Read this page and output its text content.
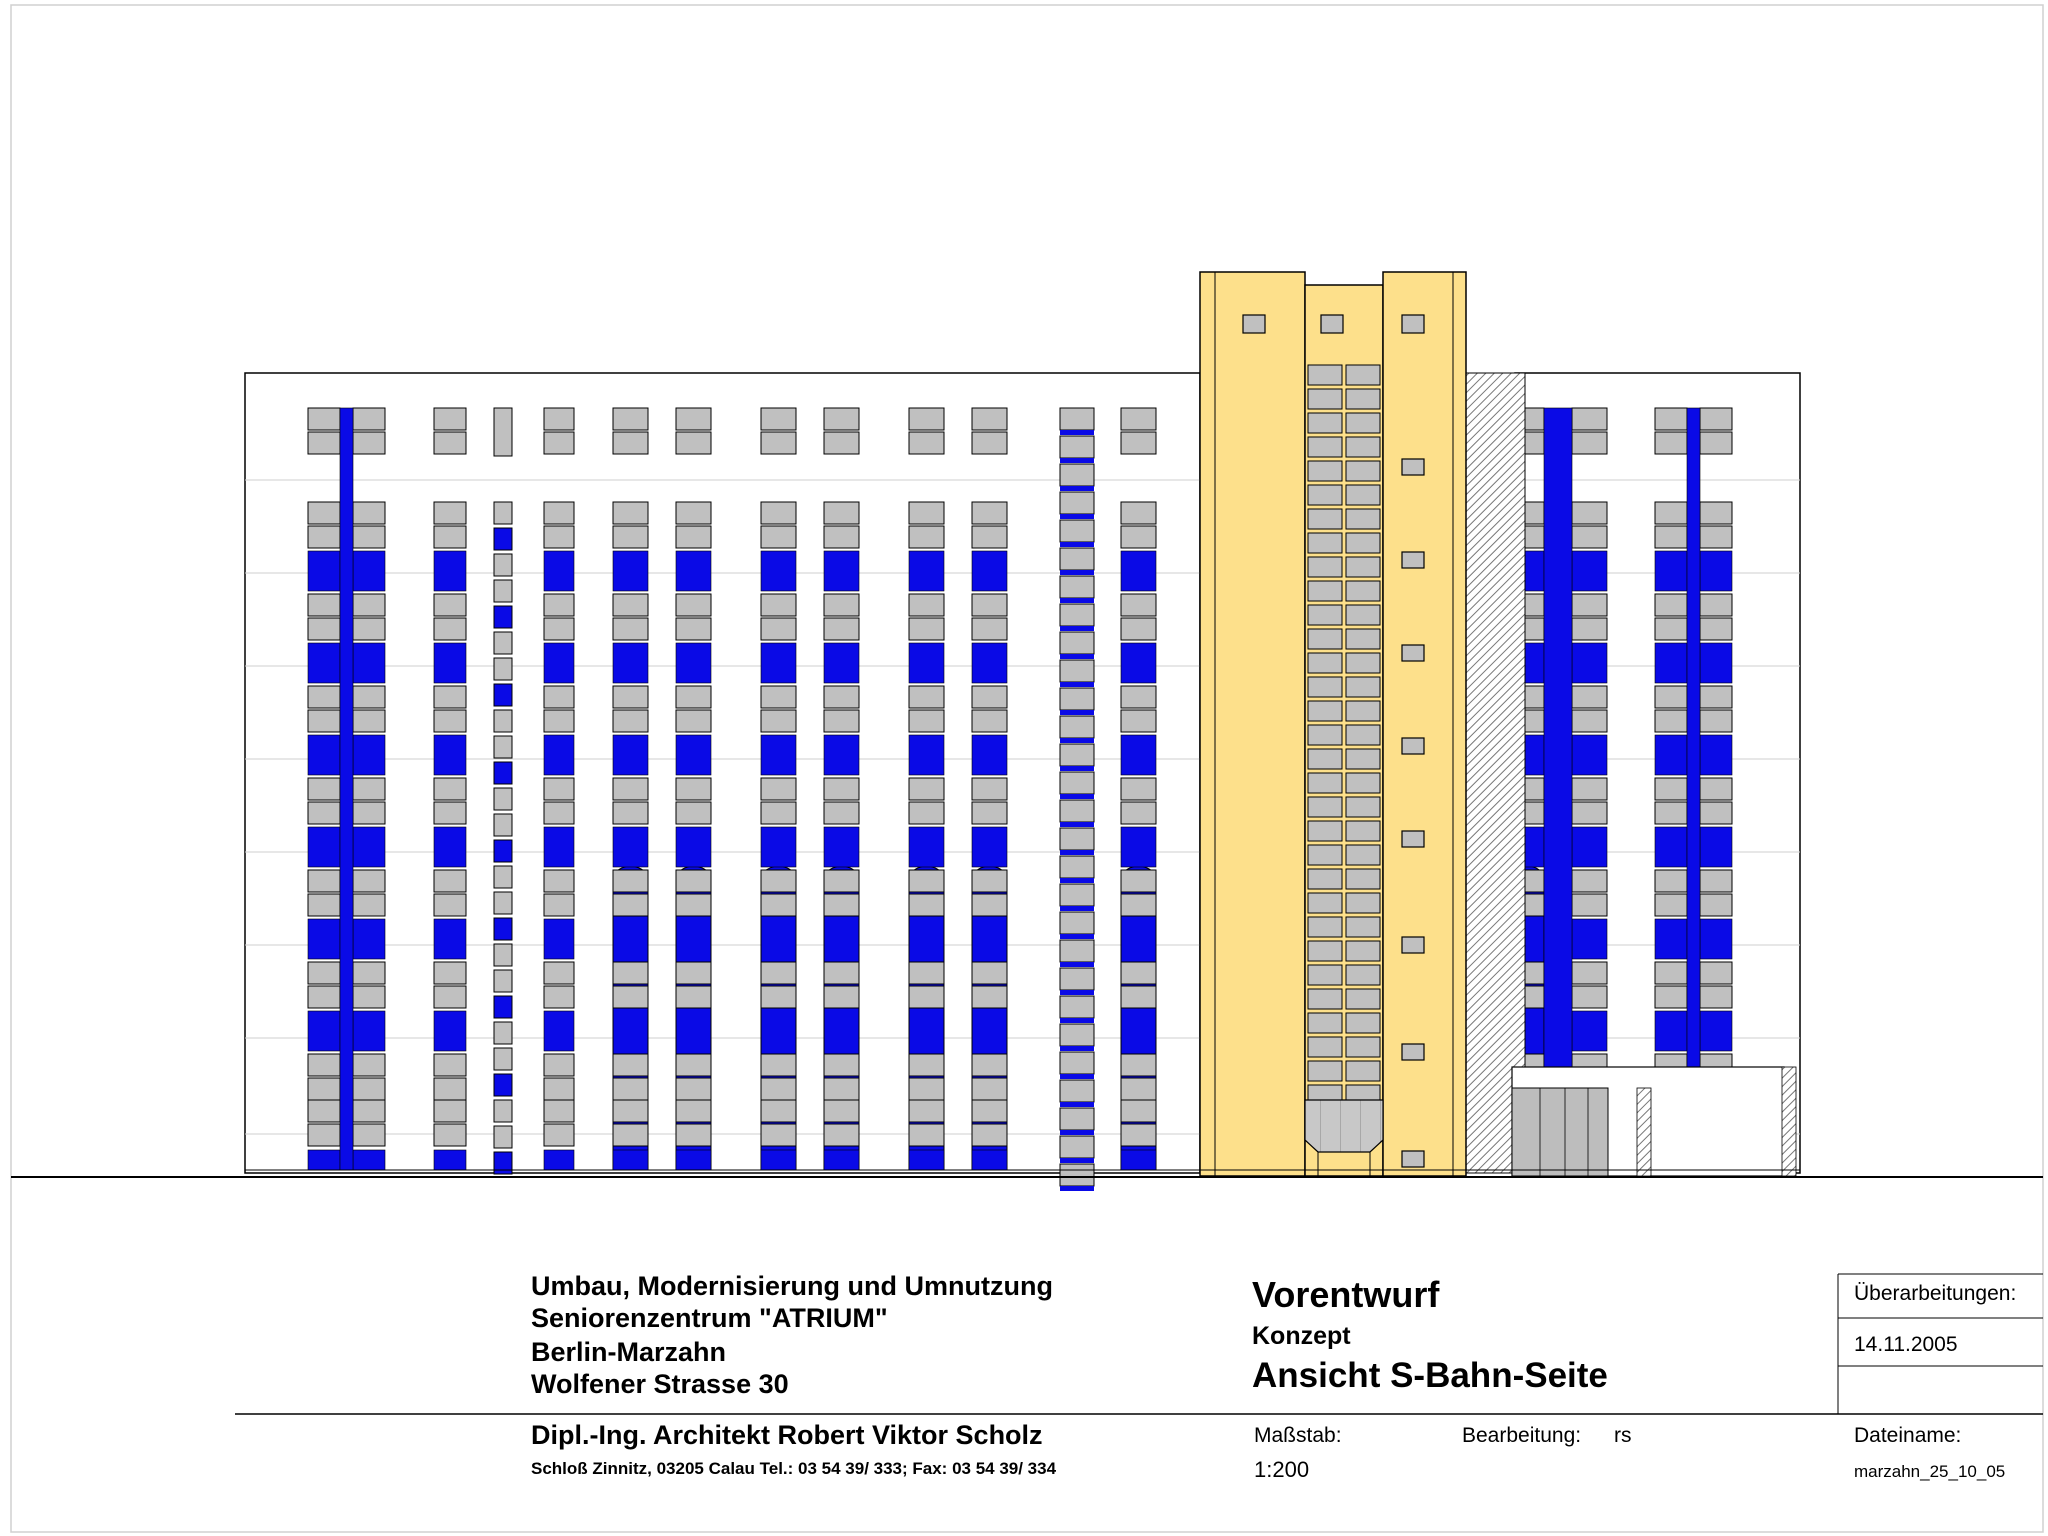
Umbau, Modernisierung und Umnutzung
Seniorenzentrum "ATRIUM"
Berlin-Marzahn
Wolfener Strasse 30
Dipl.-Ing. Architekt Robert Viktor Scholz
Schloß Zinnitz, 03205 Calau Tel.: 03 54 39/ 333; Fax: 03 54 39/ 334
Vorentwurf
Konzept
Ansicht S-Bahn-Seite
Maßstab:
1:200
Bearbeitung: rs
Überarbeitungen:
14.11.2005
Dateiname:
marzahn_25_10_05
